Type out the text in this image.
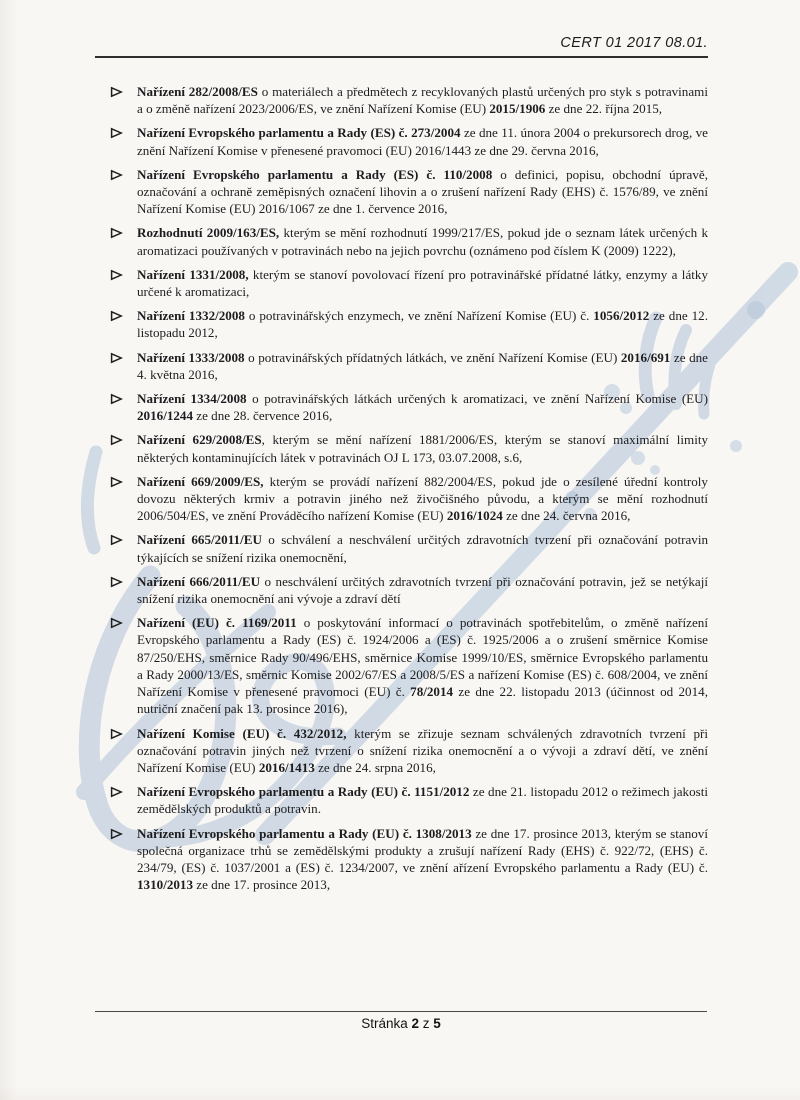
CERT 01 2017 08.01.
Nařízení 282/2008/ES o materiálech a předmětech z recyklovaných plastů určených pro styk s potravinami a o změně nařízení 2023/2006/ES, ve znění Nařízení Komise (EU) 2015/1906 ze dne 22. října 2015,
Nařízení Evropského parlamentu a Rady (ES) č. 273/2004 ze dne 11. února 2004 o prekursorech drog, ve znění Nařízení Komise v přenesené pravomoci (EU) 2016/1443 ze dne 29. června 2016,
Nařízení Evropského parlamentu a Rady (ES) č. 110/2008 o definici, popisu, obchodní úpravě, označování a ochraně zeměpisných označení lihovin a o zrušení nařízení Rady (EHS) č. 1576/89, ve znění Nařízení Komise (EU) 2016/1067 ze dne 1. července 2016,
Rozhodnutí 2009/163/ES, kterým se mění rozhodnutí 1999/217/ES, pokud jde o seznam látek určených k aromatizaci používaných v potravinách nebo na jejich povrchu (oznámeno pod číslem K (2009) 1222),
Nařízení 1331/2008, kterým se stanoví povolovací řízení pro potravinářské přídatné látky, enzymy a látky určené k aromatizaci,
Nařízení 1332/2008 o potravinářských enzymech, ve znění Nařízení Komise (EU) č. 1056/2012 ze dne 12. listopadu 2012,
Nařízení 1333/2008 o potravinářských přídatných látkách, ve znění Nařízení Komise (EU) 2016/691 ze dne 4. května 2016,
Nařízení 1334/2008 o potravinářských látkách určených k aromatizaci, ve znění Nařízení Komise (EU) 2016/1244 ze dne 28. července 2016,
Nařízení 629/2008/ES, kterým se mění nařízení 1881/2006/ES, kterým se stanoví maximální limity některých kontaminujících látek v potravinách OJ L 173, 03.07.2008, s.6,
Nařízení 669/2009/ES, kterým se provádí nařízení 882/2004/ES, pokud jde o zesílené úřední kontroly dovozu některých krmiv a potravin jiného než živočišného původu, a kterým se mění rozhodnutí 2006/504/ES, ve znění Prováděcího nařízení Komise (EU) 2016/1024 ze dne 24. června 2016,
Nařízení 665/2011/EU o schválení a neschválení určitých zdravotních tvrzení při označování potravin týkajících se snížení rizika onemocnění,
Nařízení 666/2011/EU o neschválení určitých zdravotních tvrzení při označování potravin, jež se netýkají snížení rizika onemocnění ani vývoje a zdraví dětí
Nařízení (EU) č. 1169/2011 o poskytování informací o potravinách spotřebitelům, o změně nařízení Evropského parlamentu a Rady (ES) č. 1924/2006 a (ES) č. 1925/2006 a o zrušení směrnice Komise 87/250/EHS, směrnice Rady 90/496/EHS, směrnice Komise 1999/10/ES, směrnice Evropského parlamentu a Rady 2000/13/ES, směrnic Komise 2002/67/ES a 2008/5/ES a nařízení Komise (ES) č. 608/2004, ve znění Nařízení Komise v přenesené pravomoci (EU) č. 78/2014 ze dne 22. listopadu 2013 (účinnost od 2014, nutriční značení pak 13. prosince 2016),
Nařízení Komise (EU) č. 432/2012, kterým se zřizuje seznam schválených zdravotních tvrzení při označování potravin jiných než tvrzení o snížení rizika onemocnění a o vývoji a zdraví dětí, ve znění Nařízení Komise (EU) 2016/1413 ze dne 24. srpna 2016,
Nařízení Evropského parlamentu a Rady (EU) č. 1151/2012 ze dne 21. listopadu 2012 o režimech jakosti zemědělských produktů a potravin.
Nařízení Evropského parlamentu a Rady (EU) č. 1308/2013 ze dne 17. prosince 2013, kterým se stanoví společná organizace trhů se zemědělskými produkty a zrušují nařízení Rady (EHS) č. 922/72, (EHS) č. 234/79, (ES) č. 1037/2001 a (ES) č. 1234/2007, ve znění ařízení Evropského parlamentu a Rady (EU) č. 1310/2013 ze dne 17. prosince 2013,
Stránka 2 z 5
